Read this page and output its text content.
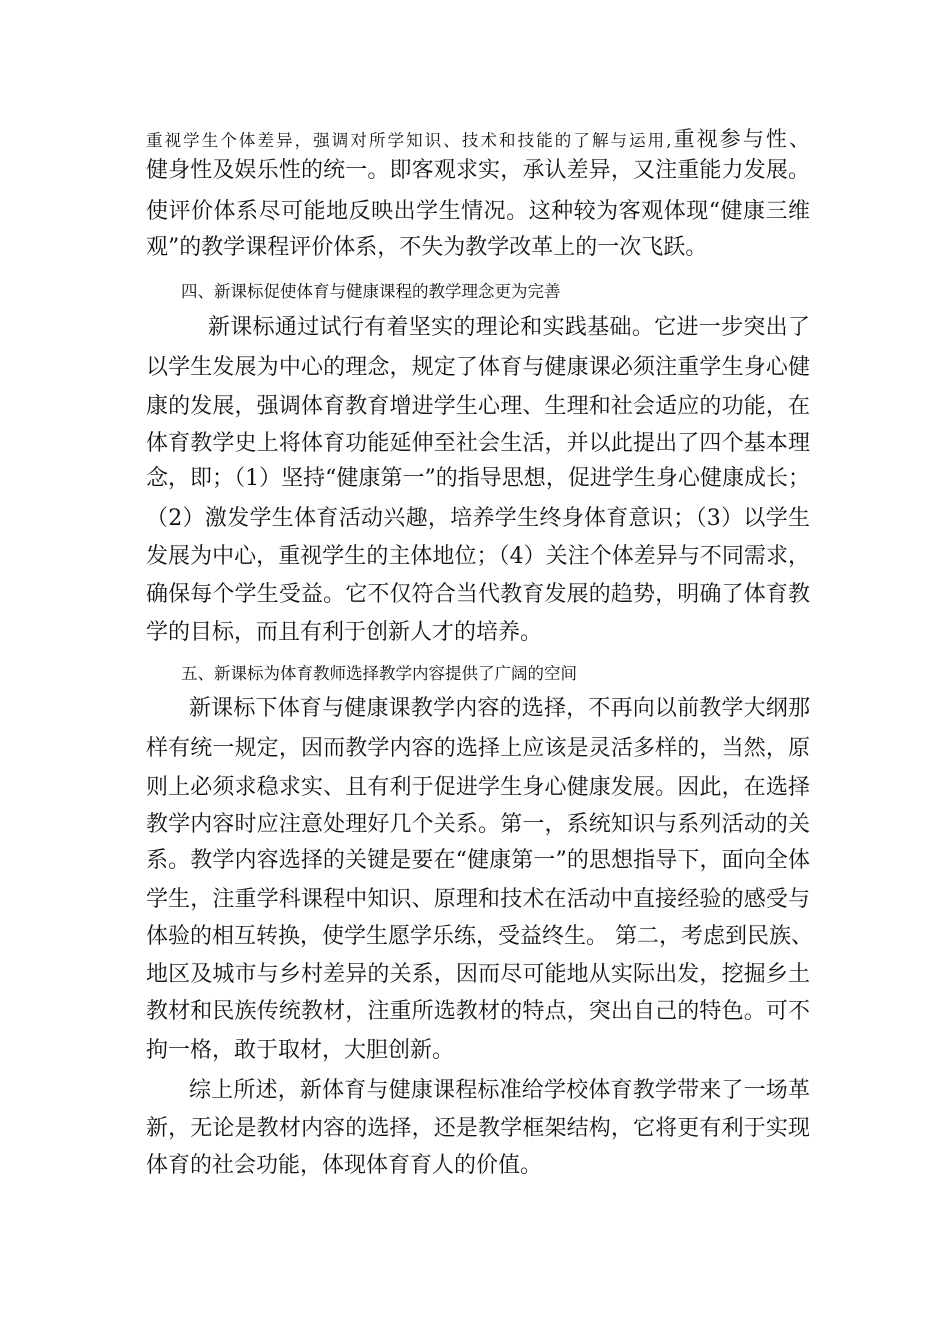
重视学生个体差异，强调对所学知识、技术和技能的了解与运用,重视参与性、
健身性及娱乐性的统一。即客观求实，承认差异，又注重能力发展。
使评价体系尽可能地反映出学生情况。这种较为客观体现“健康三维
观”的教学课程评价体系，不失为教学改革上的一次飞跃。
四、新课标促使体育与健康课程的教学理念更为完善
新课标通过试行有着坚实的理论和实践基础。它进一步突出了
以学生发展为中心的理念，规定了体育与健康课必须注重学生身心健
康的发展，强调体育教育增进学生心理、生理和社会适应的功能，在
体育教学史上将体育功能延伸至社会生活，并以此提出了四个基本理
念，即；（1）坚持“健康第一”的指导思想，促进学生身心健康成长；
（2）激发学生体育活动兴趣，培养学生终身体育意识；（3）以学生
发展为中心，重视学生的主体地位；（4）关注个体差异与不同需求，
确保每个学生受益。它不仅符合当代教育发展的趋势，明确了体育教
学的目标，而且有利于创新人才的培养。
五、新课标为体育教师选择教学内容提供了广阔的空间
新课标下体育与健康课教学内容的选择，不再向以前教学大纲那
样有统一规定，因而教学内容的选择上应该是灵活多样的，当然，原
则上必须求稳求实、且有利于促进学生身心健康发展。因此，在选择
教学内容时应注意处理好几个关系。第一，系统知识与系列活动的关
系。教学内容选择的关键是要在“健康第一”的思想指导下，面向全体
学生，注重学科课程中知识、原理和技术在活动中直接经验的感受与
体验的相互转换，使学生愿学乐练，受益终生。 第二，考虑到民族、
地区及城市与乡村差异的关系，因而尽可能地从实际出发，挖掘乡土
教材和民族传统教材，注重所选教材的特点，突出自己的特色。可不
拘一格，敢于取材，大胆创新。
综上所述，新体育与健康课程标准给学校体育教学带来了一场革
新，无论是教材内容的选择，还是教学框架结构，它将更有利于实现
体育的社会功能，体现体育育人的价值。
